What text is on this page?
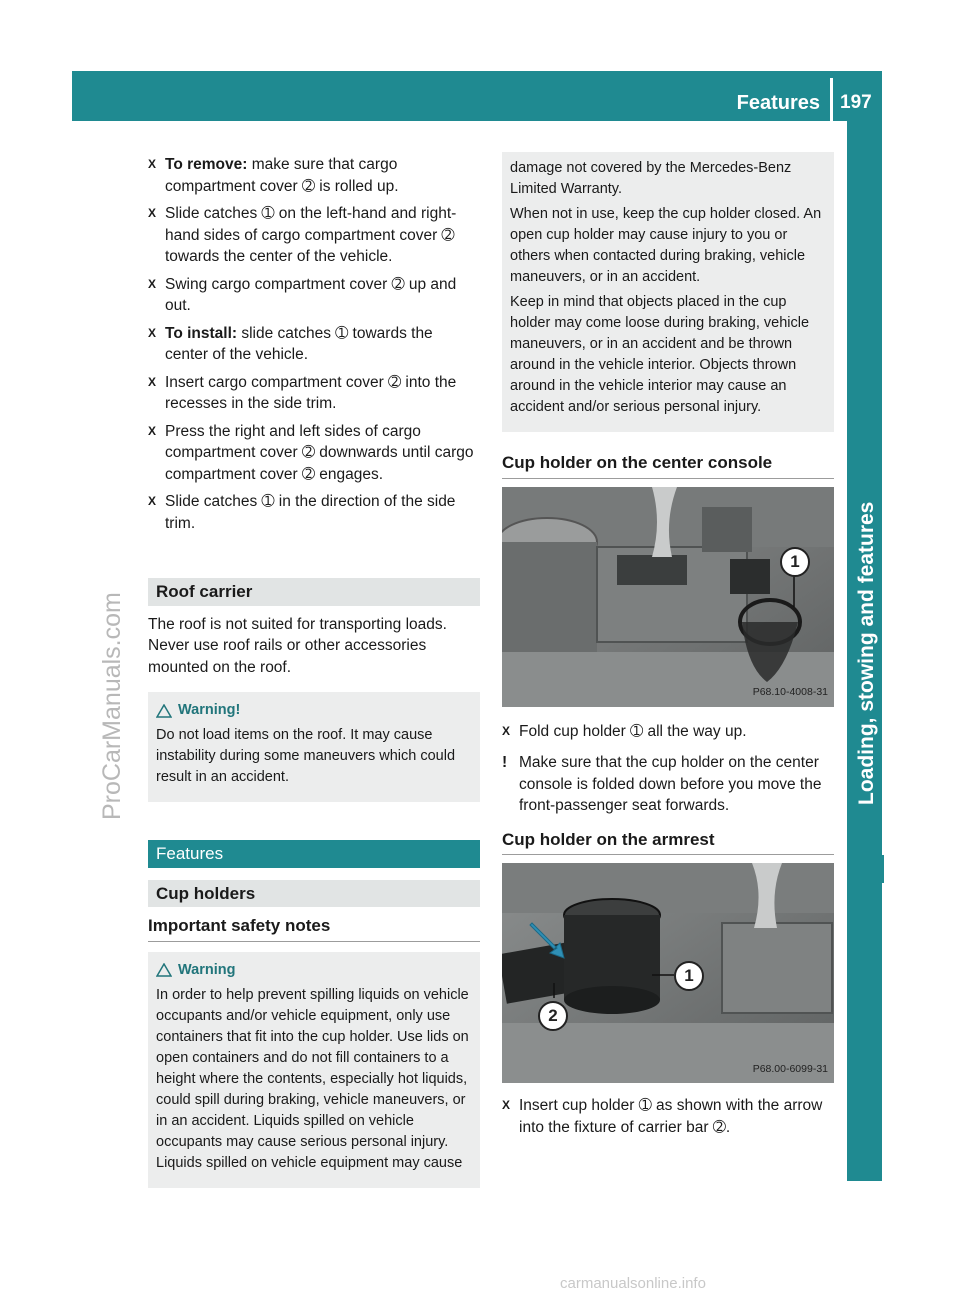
Features 197
Loading, stowing and features
ProCarManuals.com
carmanualsonline.info
X To remove: make sure that cargo compartment cover ➁ is rolled up.
X Slide catches ➀ on the left-hand and right-hand sides of cargo compartment cover ➁ towards the center of the vehicle.
X Swing cargo compartment cover ➁ up and out.
X To install: slide catches ➀ towards the center of the vehicle.
X Insert cargo compartment cover ➁ into the recesses in the side trim.
X Press the right and left sides of cargo compartment cover ➁ downwards until cargo compartment cover ➁ engages.
X Slide catches ➀ in the direction of the side trim.
Roof carrier
The roof is not suited for transporting loads. Never use roof rails or other accessories mounted on the roof.
Warning!

Do not load items on the roof. It may cause instability during some maneuvers which could result in an accident.

Features
Cup holders
Important safety notes
Warning

In order to help prevent spilling liquids on vehicle occupants and/or vehicle equipment, only use containers that fit into the cup holder. Use lids on open containers and do not fill containers to a height where the contents, especially hot liquids, could spill during braking, vehicle maneuvers, or in an accident. Liquids spilled on vehicle occupants may cause serious personal injury. Liquids spilled on vehicle equipment may cause

damage not covered by the Mercedes-Benz Limited Warranty.

When not in use, keep the cup holder closed. An open cup holder may cause injury to you or others when contacted during braking, vehicle maneuvers, or in an accident.

Keep in mind that objects placed in the cup holder may come loose during braking, vehicle maneuvers, or in an accident and be thrown around in the vehicle interior. Objects thrown around in the vehicle interior may cause an accident and/or serious personal injury.

Cup holder on the center console
1
P68.10-4008-31
X Fold cup holder ➀ all the way up.
! Make sure that the cup holder on the center console is folded down before you move the front-passenger seat forwards.
Cup holder on the armrest
1
2
P68.00-6099-31
X Insert cup holder ➀ as shown with the arrow into the fixture of carrier bar ➁.
